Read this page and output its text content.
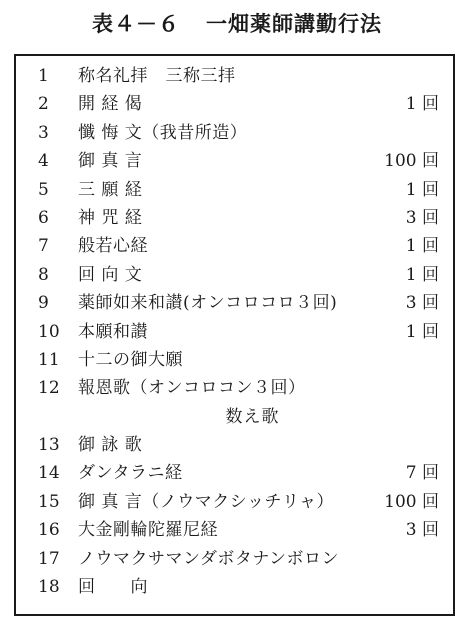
表４－６ 一畑薬師講勤行法
1	称名礼拝　三称三拝
2	開 経 偈	1 回
3	懺 悔 文（我昔所造）
4	御 真 言	100 回
5	三 願 経	1 回
6	神 咒 経	3 回
7	般若心経	1 回
8	回 向 文	1 回
9	薬師如来和讃(オンコロコロ３回)	3 回
10	本願和讃	1 回
11	十二の御大願
12	報恩歌（オンコロコン３回）
数え歌
13	御 詠 歌
14	ダンタラニ経	7 回
15	御 真 言（ノウマクシッチリャ）	100 回
16	大金剛輪陀羅尼経	3 回
17	ノウマクサマンダボタナンボロン
18	回　　向
